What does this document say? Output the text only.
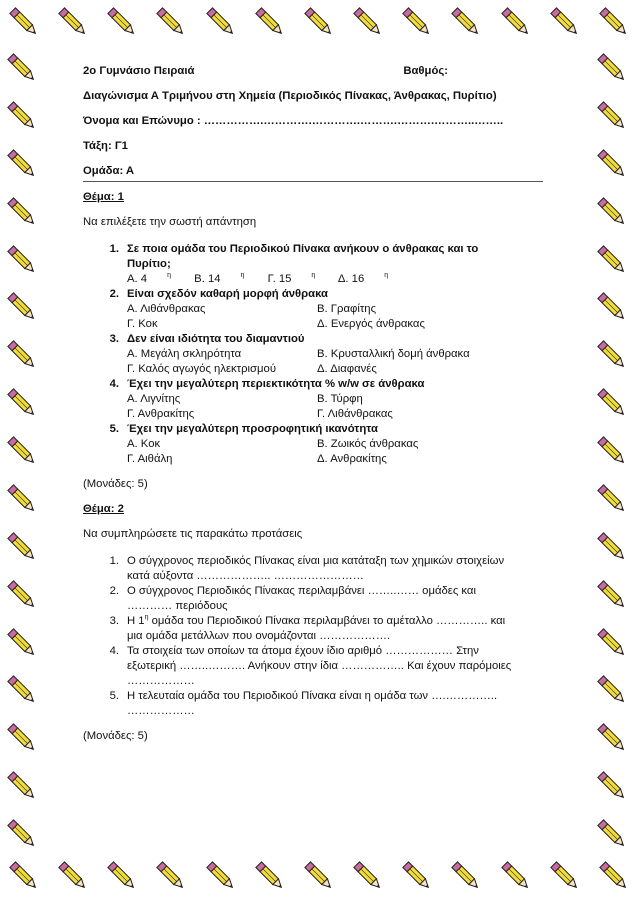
2ο Γυμνάσιο Πειραιά	Βαθμός:

Διαγώνισμα Α Τριμήνου στη Χημεία (Περιοδικός Πίνακας, Άνθρακας, Πυρίτιο)

Όνομα και Επώνυμο : …………….………….………….……….……….………..……..

Τάξη: Γ1

Ομάδα: Α

Θέμα: 1

Να επιλέξετε την σωστή απάντηση

1. Σε ποια ομάδα του Περιοδικού Πίνακα ανήκουν ο άνθρακας και το
Πυρίτιο;
Α. 4	$^\eta$ Β. 14	$^\eta$ Γ. 15	$^\eta$ Δ. 16	$^\eta$
2. Είναι σχεδόν καθαρή μορφή άνθρακα
Α. Λιθάνθρακας	Β. Γραφίτης
Γ. Κοκ	Δ. Ενεργός άνθρακας
3. Δεν είναι ιδιότητα του διαμαντιού
Α. Μεγάλη σκληρότητα	Β. Κρυσταλλική δομή άνθρακα
Γ. Καλός αγωγός ηλεκτρισμού	Δ. Διαφανές
4. Έχει την μεγαλύτερη περιεκτικότητα % w/w σε άνθρακα
Α. Λιγνίτης	Β. Τύρφη
Γ. Ανθρακίτης	Γ. Λιθάνθρακας
5. Έχει την μεγαλύτερη προσροφητική ικανότητα
Α. Κοκ	Β. Ζωικός άνθρακας
Γ. Αιθάλη	Δ. Ανθρακίτης

(Μονάδες: 5)

Θέμα: 2

Να συμπληρώσετε τις παρακάτω προτάσεις

1. Ο σύγχρονος περιοδικός Πίνακας είναι μια κατάταξη των χημικών στοιχείων
κατά αύξοντα ……………….. ……………………
2. Ο σύγχρονος Περιοδικός Πίνακας περιλαμβάνει ……..…… ομάδες και
………… περιόδους
3. Η $1^\eta$ ομάδα του Περιοδικού Πίνακα περιλαμβάνει το αμέταλλο ………….. και
μια ομάδα μετάλλων που ονομάζονται ……………….
4. Τα στοιχεία των οποίων τα άτομα έχουν ίδιο αριθμό ……………… Στην
εξωτερική ……..………. Ανήκουν στην ίδια …………….. Και έχουν παρόμοιες
………………
5. Η τελευταία ομάδα του Περιοδικού Πίνακα είναι η ομάδα των ….…………..
………………

(Μονάδες: 5)
